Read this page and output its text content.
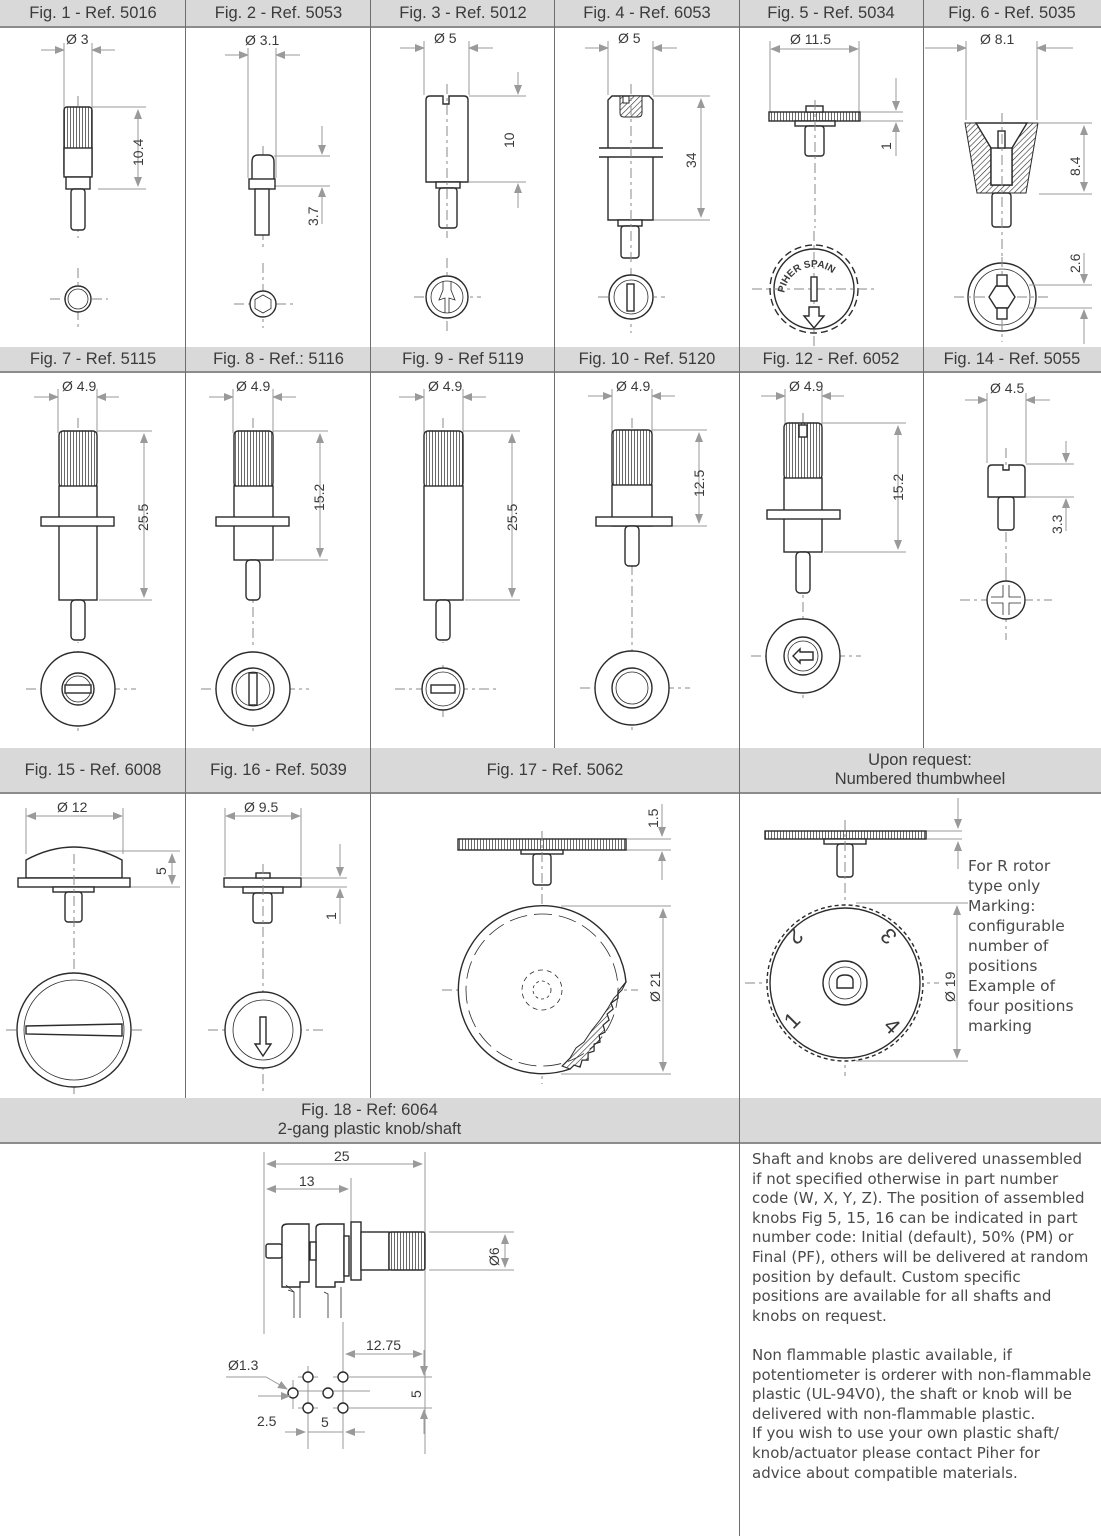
Fig. 1 - Ref. 5016	Fig. 2 - Ref. 5053	Fig. 3 - Ref. 5012	Fig. 4 - Ref. 6053	Fig. 5 - Ref. 5034	Fig. 6 - Ref. 5035
Fig. 7 - Ref. 5115	Fig. 8 - Ref.: 5116	Fig. 9 - Ref 5119	Fig. 10 - Ref. 5120	Fig. 12 - Ref. 6052	Fig. 14 - Ref. 5055
Fig. 15 - Ref. 6008	Fig. 16 - Ref. 5039	Fig. 17 - Ref. 5062
Upon request:
Numbered thumbwheel
Fig. 18 - Ref: 6064
2-gang plastic knob/shaft
Ø 3
10.4
Ø 3.1
3.7
Ø 5
10
Ø 5
34
Ø 11.5
1
PIHER SPAIN
Ø 8.1
8.4
2.6
Ø 4.9
25.5
Ø 4.9
15.2
Ø 4.9
25.5
Ø 4.9
12.5
Ø 4.9
15.2
Ø 4.5
3.3
Ø 12
5
Ø 9.5
1
1.5
Ø 21	Ø 19
1
2	3
4
For R rotor
type only
Marking:
configurable
number of
positions
Example of
four positions
marking
25
13
Ø6
12.75
5
Ø1.3
2.5	5
Shaft and knobs are delivered unassembled if not specified otherwise in part number code (W, X, Y, Z). The position of assembled knobs Fig 5, 15, 16 can be indicated in part number code: Initial (default), 50% (PM) or Final (PF), others will be delivered at random position by default. Custom specific positions are available for all shafts and knobs on request.
Non flammable plastic available, if potentiometer is orderer with non-flammable plastic (UL-94V0), the shaft or knob will be delivered with non-flammable plastic.
If you wish to use your own plastic shaft/ knob/actuator please contact Piher for advice about compatible materials.
